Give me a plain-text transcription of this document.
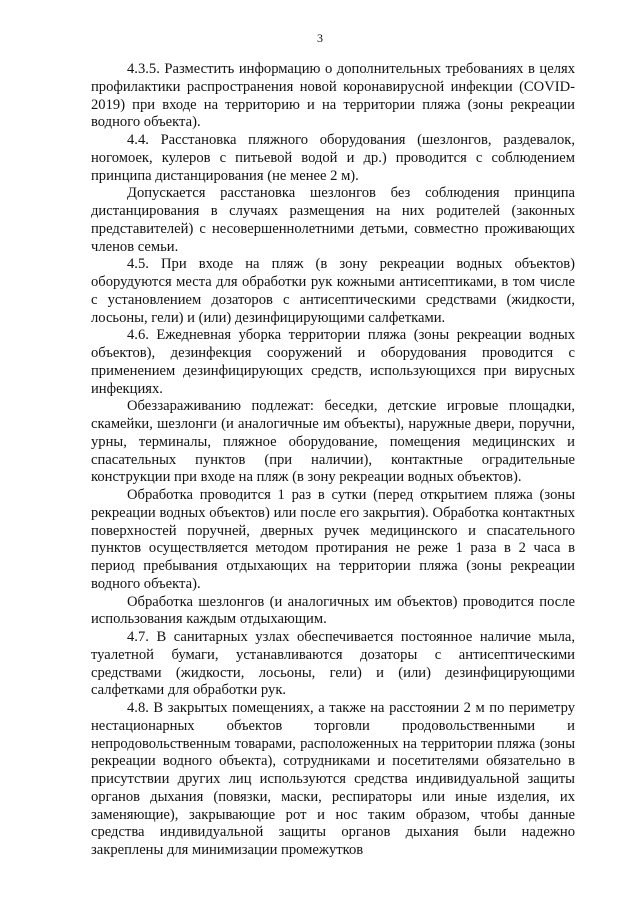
3

4.3.5. Разместить информацию о дополнительных требованиях в целях профилактики распространения новой коронавирусной инфекции (COVID-2019) при входе на территорию и на территории пляжа (зоны рекреации водного объекта).

4.4. Расстановка пляжного оборудования (шезлонгов, раздевалок, ногомоек, кулеров с питьевой водой и др.) проводится с соблюдением принципа дистанцирования (не менее 2 м).

Допускается расстановка шезлонгов без соблюдения принципа дистанцирования в случаях размещения на них родителей (законных представителей) с несовершеннолетними детьми, совместно проживающих членов семьи.

4.5. При входе на пляж (в зону рекреации водных объектов) оборудуются места для обработки рук кожными антисептиками, в том числе с установлением дозаторов с антисептическими средствами (жидкости, лосьоны, гели) и (или) дезинфицирующими салфетками.

4.6. Ежедневная уборка территории пляжа (зоны рекреации водных объектов), дезинфекция сооружений и оборудования проводится с применением дезинфицирующих средств, использующихся при вирусных инфекциях.

Обеззараживанию подлежат: беседки, детские игровые площадки, скамейки, шезлонги (и аналогичные им объекты), наружные двери, поручни, урны, терминалы, пляжное оборудование, помещения медицинских и спасательных пунктов (при наличии), контактные оградительные конструкции при входе на пляж (в зону рекреации водных объектов).

Обработка проводится 1 раз в сутки (перед открытием пляжа (зоны рекреации водных объектов) или после его закрытия). Обработка контактных поверхностей поручней, дверных ручек медицинского и спасательного пунктов осуществляется методом протирания не реже 1 раза в 2 часа в период пребывания отдыхающих на территории пляжа (зоны рекреации водного объекта).

Обработка шезлонгов (и аналогичных им объектов) проводится после использования каждым отдыхающим.

4.7. В санитарных узлах обеспечивается постоянное наличие мыла, туалетной бумаги, устанавливаются дозаторы с антисептическими средствами (жидкости, лосьоны, гели) и (или) дезинфицирующими салфетками для обработки рук.

4.8. В закрытых помещениях, а также на расстоянии 2 м по периметру нестационарных объектов торговли продовольственными и непродовольственным товарами, расположенных на территории пляжа (зоны рекреации водного объекта), сотрудниками и посетителями обязательно в присутствии других лиц используются средства индивидуальной защиты органов дыхания (повязки, маски, респираторы или иные изделия, их заменяющие), закрывающие рот и нос таким образом, чтобы данные средства индивидуальной защиты органов дыхания были надежно закреплены для минимизации промежутков
